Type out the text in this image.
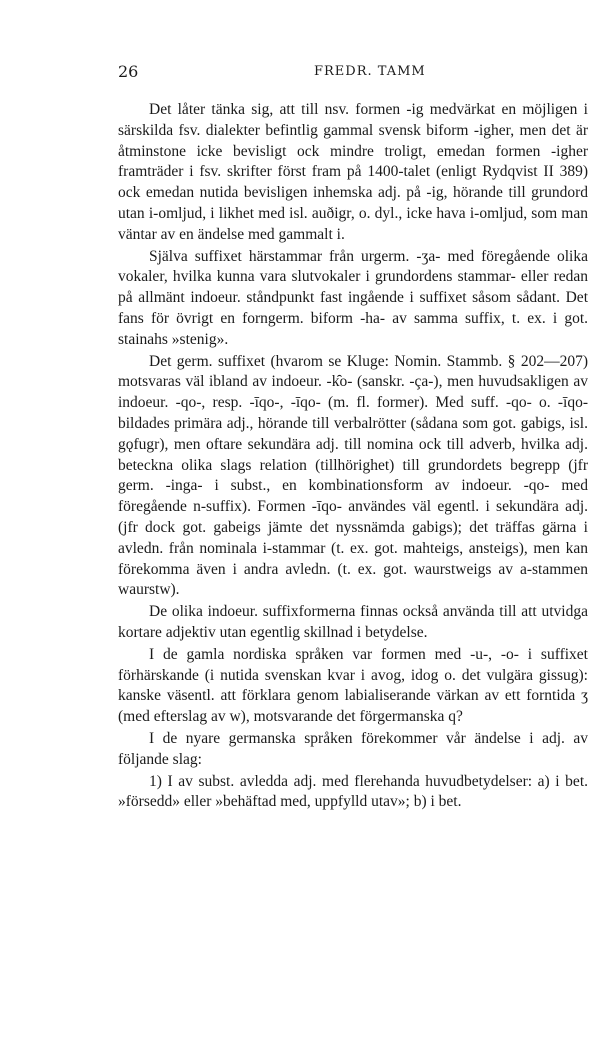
26	FREDR. TAMM

Det låter tänka sig, att till nsv. formen -ig medvärkat en möjligen i särskilda fsv. dialekter befintlig gammal svensk biform -igher, men det är åtminstone icke bevisligt ock mindre troligt, emedan formen -igher framträder i fsv. skrifter först fram på 1400-talet (enligt Rydqvist II 389) ock emedan nutida bevisligen inhemska adj. på -ig, hörande till grundord utan i-omljud, i likhet med isl. auðigr, o. dyl., icke hava i-omljud, som man väntar av en ändelse med gammalt i.

Själva suffixet härstammar från urgerm. -ʒa- med föregående olika vokaler, hvilka kunna vara slutvokaler i grundordens stammar- eller redan på allmänt indoeur. ståndpunkt fast ingående i suffixet såsom sådant. Det fans för övrigt en forngerm. biform -ha- av samma suffix, t. ex. i got. stainahs »stenig».

Det germ. suffixet (hvarom se Kluge: Nomin. Stammb. § 202—207) motsvaras väl ibland av indoeur. -k̑o- (sanskr. -ça-), men huvudsakligen av indoeur. -qo-, resp. -īqo-, -īqo- (m. fl. former). Med suff. -qo- o. -īqo- bildades primära adj., hörande till verbalrötter (sådana som got. gabigs, isl. gǫfugr), men oftare sekundära adj. till nomina ock till adverb, hvilka adj. beteckna olika slags relation (tillhörighet) till grundordets begrepp (jfr germ. -inga- i subst., en kombinationsform av indoeur. -qo- med föregående n-suffix). Formen -īqo- användes väl egentl. i sekundära adj. (jfr dock got. gabeigs jämte det nyssnämda gabigs); det träffas gärna i avledn. från nominala i-stammar (t. ex. got. mahteigs, ansteigs), men kan förekomma även i andra avledn. (t. ex. got. waurstweigs av a-stammen waurstw).

De olika indoeur. suffixformerna finnas också använda till att utvidga kortare adjektiv utan egentlig skillnad i betydelse.

I de gamla nordiska språken var formen med -u-, -o- i suffixet förhärskande (i nutida svenskan kvar i avog, idog o. det vulgära gissug): kanske väsentl. att förklara genom labialiserande värkan av ett forntida ʒ (med efterslag av w), motsvarande det förgermanska q?

I de nyare germanska språken förekommer vår ändelse i adj. av följande slag:

1) I av subst. avledda adj. med flerehanda huvudbetydelser: a) i bet. »försedd» eller »behäftad med, uppfylld utav»; b) i bet.
